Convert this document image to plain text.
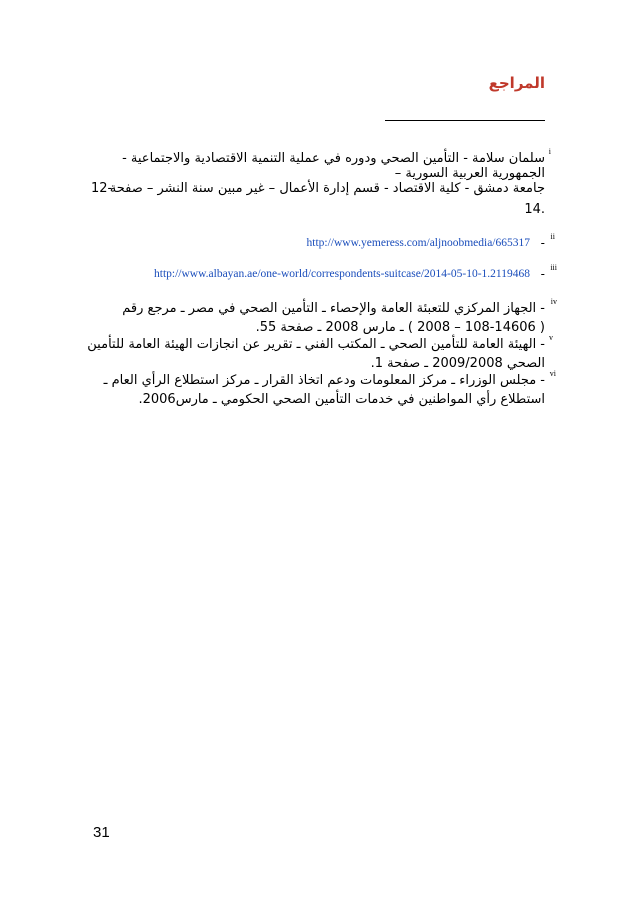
المراجع
i
سلمان سلامة - التأمين الصحي ودوره في عملية التنمية الاقتصادية والاجتماعية -
الجمهورية العربية السورية –
جامعة دمشق - كلية الاقتصاد - قسم إدارة الأعمال – غير مبين سنة النشر – صفحة
12-
.14
ii
-
http://www.yemeress.com/aljnoobmedia/665317
iii
-
http://www.albayan.ae/one-world/correspondents-suitcase/2014-05-10-1.2119468
iv
- الجهاز المركزي للتعبئة العامة والإحصاء ـ التأمين الصحي في مصر ـ مرجع رقم
( 108-14606 – 2008 ) ـ مارس 2008 ـ صفحة 55.
v
- الهيئة العامة للتأمين الصحي ـ المكتب الفني ـ تقرير عن انجازات الهيئة العامة للتأمين
الصحي 2009/2008 ـ صفحة 1.
vi
- مجلس الوزراء ـ مركز المعلومات ودعم اتخاذ القرار ـ مركز استطلاع الرأي العام ـ
استطلاع رأي المواطنين في خدمات التأمين الصحي الحكومي ـ مارس2006.
31
